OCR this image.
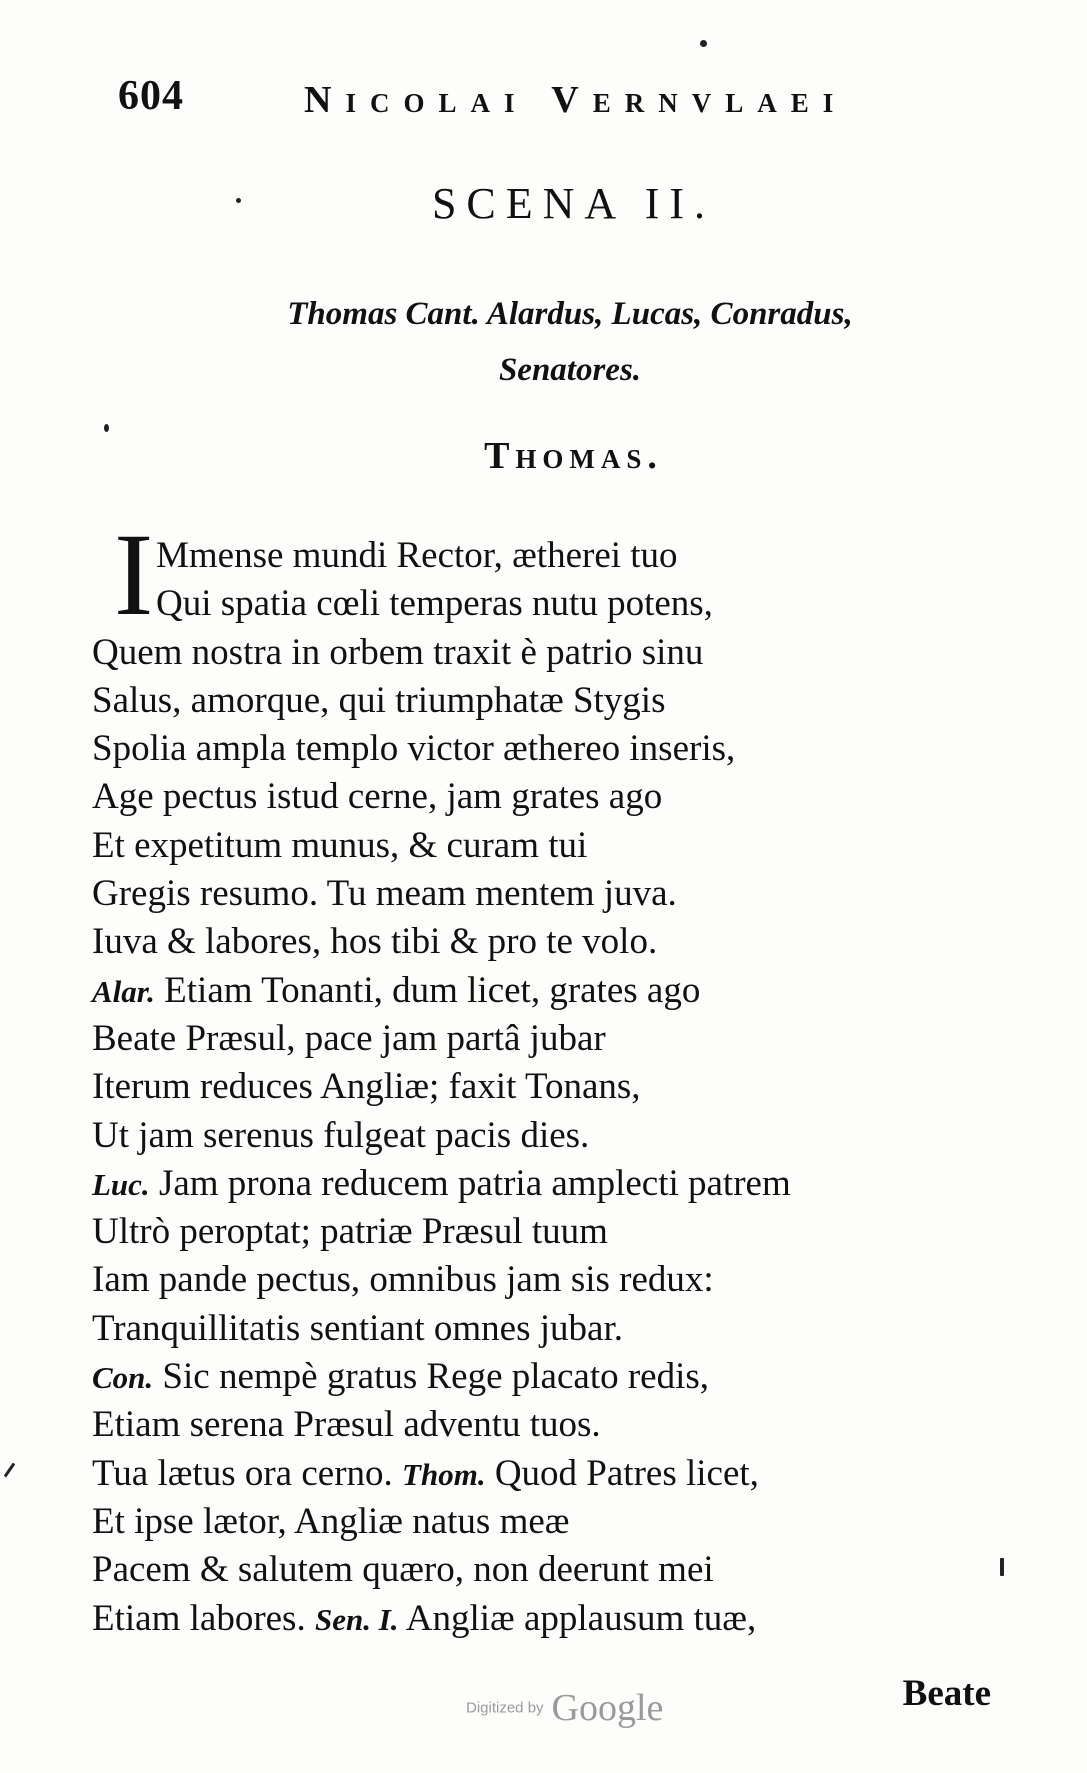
604	Nicolai Vernvlaei
SCENA II.
Thomas Cant. Alardus, Lucas, Conradus,
Senatores.
Thomas.
I Mmense mundi Rector, ætherei tuo
Qui spatia cœli temperas nutu potens,
Quem nostra in orbem traxit è patrio sinu
Salus, amorque, qui triumphatæ Stygis
Spolia ampla templo victor æthereo inseris,
Age pectus istud cerne, jam grates ago
Et expetitum munus, & curam tui
Gregis resumo. Tu meam mentem juva.
Iuva & labores, hos tibi & pro te volo.
Alar. Etiam Tonanti, dum licet, grates ago
Beate Præsul, pace jam partâ jubar
Iterum reduces Angliæ; faxit Tonans,
Ut jam serenus fulgeat pacis dies.
Luc. Jam prona reducem patria amplecti patrem
Ultrò peroptat; patriæ Præsul tuum
Iam pande pectus, omnibus jam sis redux:
Tranquillitatis sentiant omnes jubar.
Con. Sic nempè gratus Rege placato redis,
Etiam serena Præsul adventu tuos.
Tua lætus ora cerno. Thom. Quod Patres licet,
Et ipse lætor, Angliæ natus meæ
Pacem & salutem quæro, non deerunt mei
Etiam labores. Sen. I. Angliæ applausum tuæ,
Beate
Digitized by Google
